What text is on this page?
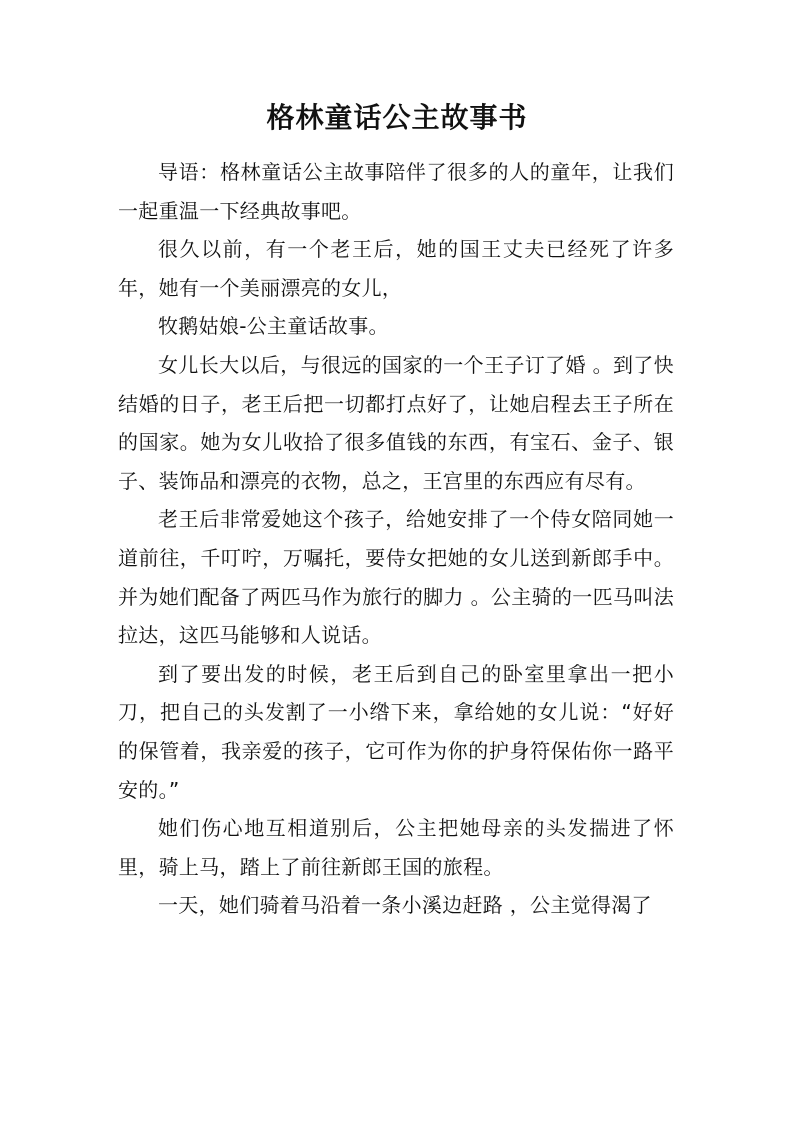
格林童话公主故事书

导语：格林童话公主故事陪伴了很多的人的童年，让我们一起重温一下经典故事吧。

很久以前，有一个老王后，她的国王丈夫已经死了许多年，她有一个美丽漂亮的女儿，

牧鹅姑娘-公主童话故事。

女儿长大以后，与很远的国家的一个王子订了婚 。到了快结婚的日子，老王后把一切都打点好了，让她启程去王子所在的国家。她为女儿收拾了很多值钱的东西，有宝石、金子、银子、装饰品和漂亮的衣物，总之，王宫里的东西应有尽有。

老王后非常爱她这个孩子，给她安排了一个侍女陪同她一道前往，千叮咛，万嘱托，要侍女把她的女儿送到新郎手中。并为她们配备了两匹马作为旅行的脚力 。公主骑的一匹马叫法拉达，这匹马能够和人说话。

到了要出发的时候，老王后到自己的卧室里拿出一把小刀，把自己的头发割了一小绺下来，拿给她的女儿说：“好好的保管着，我亲爱的孩子，它可作为你的护身符保佑你一路平安的。”

她们伤心地互相道别后，公主把她母亲的头发揣进了怀里，骑上马，踏上了前往新郎王国的旅程。

一天，她们骑着马沿着一条小溪边赶路 ，公主觉得渴了
